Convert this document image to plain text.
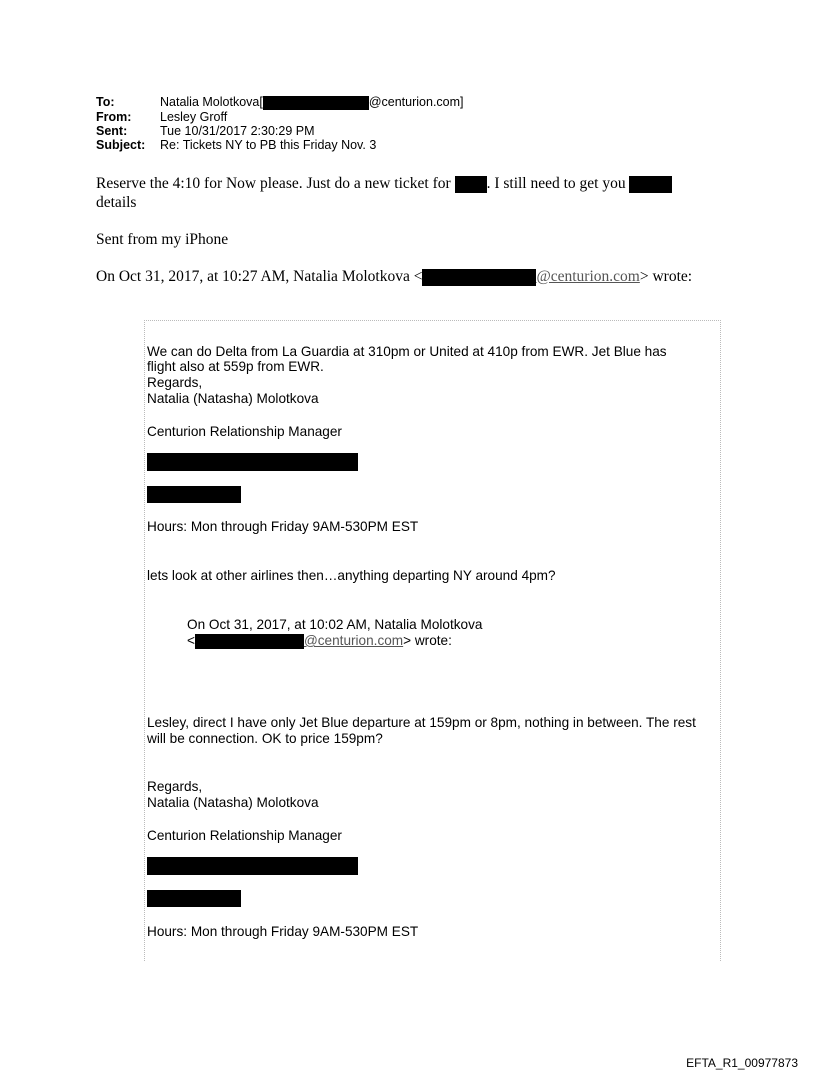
To:	Natalia Molotkova[	@centurion.com]
From:	Lesley Groff
Sent:	Tue 10/31/2017 2:30:29 PM
Subject:	Re: Tickets NY to PB this Friday Nov. 3
Reserve the 4:10 for Now please. Just do a new ticket for . I still need to get you
details
Sent from my iPhone
On Oct 31, 2017, at 10:27 AM, Natalia Molotkova <	@centurion.com> wrote:
We can do Delta from La Guardia at 310pm or United at 410p from EWR. Jet Blue has
flight also at 559p from EWR.
Regards,
Natalia (Natasha) Molotkova
Centurion Relationship Manager
Hours: Mon through Friday 9AM-530PM EST
lets look at other airlines then…anything departing NY around 4pm?
On Oct 31, 2017, at 10:02 AM, Natalia Molotkova
<	@centurion.com> wrote:
Lesley, direct I have only Jet Blue departure at 159pm or 8pm, nothing in between. The rest
will be connection. OK to price 159pm?
Regards,
Natalia (Natasha) Molotkova
Centurion Relationship Manager
Hours: Mon through Friday 9AM-530PM EST
EFTA_R1_00977873
